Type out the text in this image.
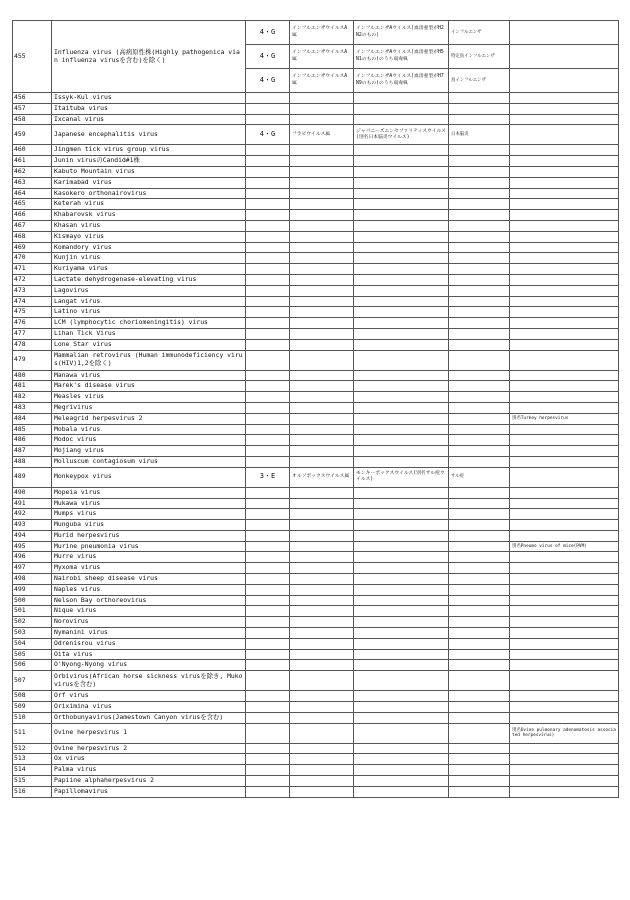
455	Influenza virus (高病原性株(Highly pathogenica vian influenza virusを含む)を除く)	4・G	インフルエンザウイルスA属	インフルエンザAウイルス(血清亜型がH2N2のもの)	インフルエンザ	
		4・G	インフルエンザウイルスA属	インフルエンザAウイルス(血清亜型がH5N1のもの)のうち弱毒株	特定鳥インフルエンザ	
		4・G	インフルエンザウイルスA属	インフルエンザAウイルス(血清亜型がH7N9のもの)のうち弱毒株	鳥インフルエンザ	
456	Issyk-Kul virus					
457	Itaituba virus					
458	Ixcanal virus					
459	Japanese encephalitis virus	4・G	フラビウイルス属	ジャパニーズエンセファリティスウイルス(別名日本脳炎ウイルス)	日本脳炎	
460	Jingmen tick virus group virus					
461	Junin virusのCandid#1株					
462	Kabuto Mountain virus					
463	Karimabad virus					
464	Kasokero orthonairovirus					
465	Keterah virus					
466	Khabarovsk virus					
467	Khasan virus					
468	Kismayo virus					
469	Komandory virus					
470	Kunjin virus					
471	Kuriyama virus					
472	Lactate dehydrogenase-elevating virus					
473	Lagovirus					
474	Langat virus					
475	Latino virus					
476	LCM (lymphocytic choriomeningitis) virus					
477	Lihan Tick Virus					
478	Lone Star virus					
479	Mammalian retrovirus (Human immunodeficiency virus(HIV)1,2を除く)					
480	Manawa virus					
481	Marek's disease virus					
482	Measles virus					
483	Megrivirus					
484	Meleagrid herpesvirus 2					別名Turkey herpesvirus
485	Mobala virus					
486	Modoc virus					
487	Mojiang virus					
488	Molluscum contagiosum virus					
489	Monkeypox virus	3・E	オルソポックスウイルス属	モンキーポックスウイルス(別名サル痘ウイルス)	サル痘	
490	Mopeia virus					
491	Mukawa virus					
492	Mumps virus					
493	Munguba virus					
494	Murid herpesvirus					
495	Murine pneumonia virus					別名Pneumo virus of mice(PVM)
496	Murre virus					
497	Myxoma virus					
498	Nairobi sheep disease virus					
499	Naples virus					
500	Nelson Bay orthoreovirus					
501	Nique virus					
502	Norovirus					
503	Nymanini virus					
504	Odrenisrou virus					
505	Oita virus					
506	O'Nyong-Nyong virus					
507	Orbivirus(African horse sickness virusを除き, Muko virusを含む)					
508	Orf virus					
509	Oriximina virus					
510	Orthobunyavirus(Jamestown Canyon virusを含む)					
511	Ovine herpesvirus 1					別名Ovine pulmonary adenomatosis associated herpesvirus)
512	Ovine herpesvirus 2					
513	Ox virus					
514	Palma virus					
515	Papiine alphaherpesvirus 2					
516	Papillomavirus					
